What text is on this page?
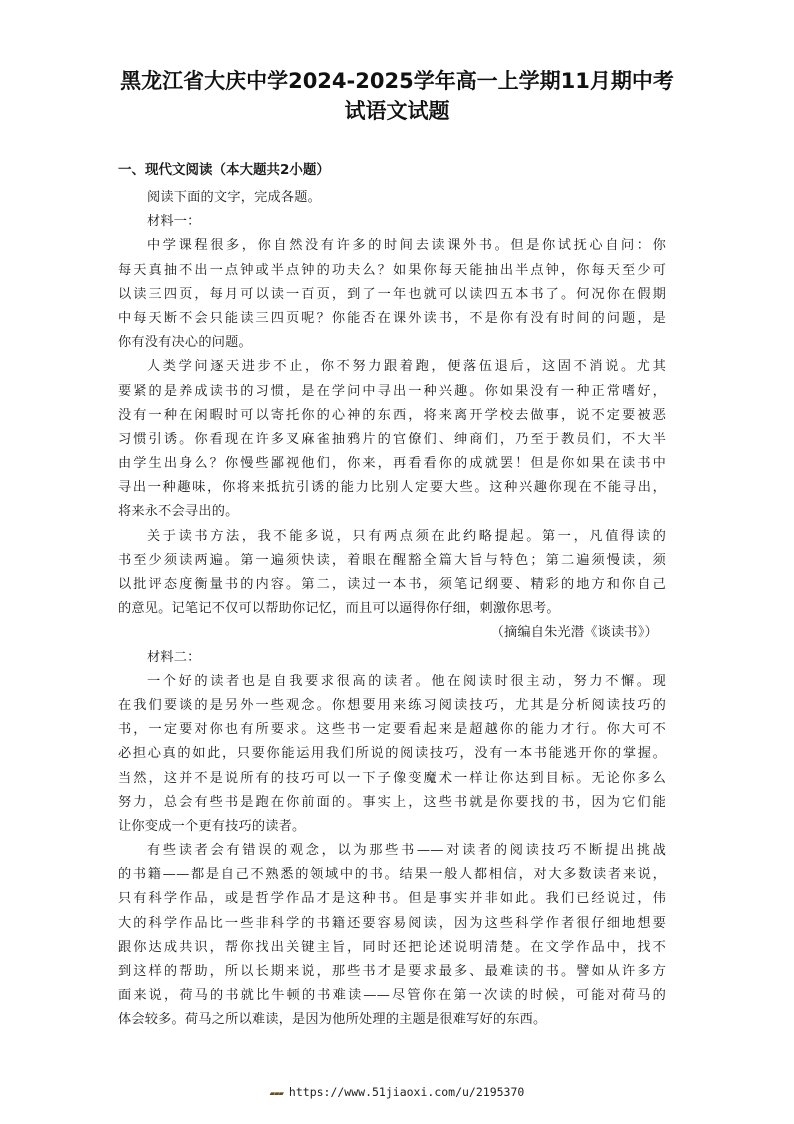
黑龙江省大庆中学2024-2025学年高一上学期11月期中考
试语文试题
一、现代文阅读（本大题共2小题）
阅读下面的文字，完成各题。
材料一：
中学课程很多，你自然没有许多的时间去读课外书。但是你试抚心自问：你
每天真抽不出一点钟或半点钟的功夫么？如果你每天能抽出半点钟，你每天至少可
以读三四页，每月可以读一百页，到了一年也就可以读四五本书了。何况你在假期
中每天断不会只能读三四页呢？你能否在课外读书，不是你有没有时间的问题，是
你有没有决心的问题。
人类学问逐天进步不止，你不努力跟着跑，便落伍退后，这固不消说。尤其
要紧的是养成读书的习惯，是在学问中寻出一种兴趣。你如果没有一种正常嗜好，
没有一种在闲暇时可以寄托你的心神的东西，将来离开学校去做事，说不定要被恶
习惯引诱。你看现在许多叉麻雀抽鸦片的官僚们、绅商们，乃至于教员们，不大半
由学生出身么？你慢些鄙视他们，你来，再看看你的成就罢！但是你如果在读书中
寻出一种趣味，你将来抵抗引诱的能力比别人定要大些。这种兴趣你现在不能寻出，
将来永不会寻出的。
关于读书方法，我不能多说，只有两点须在此约略提起。第一，凡值得读的
书至少须读两遍。第一遍须快读，着眼在醒豁全篇大旨与特色；第二遍须慢读，须
以批评态度衡量书的内容。第二，读过一本书，须笔记纲要、精彩的地方和你自己
的意见。记笔记不仅可以帮助你记忆，而且可以逼得你仔细，刺激你思考。
（摘编自朱光潜《谈读书》）
材料二：
一个好的读者也是自我要求很高的读者。他在阅读时很主动，努力不懈。现
在我们要谈的是另外一些观念。你想要用来练习阅读技巧，尤其是分析阅读技巧的
书，一定要对你也有所要求。这些书一定要看起来是超越你的能力才行。你大可不
必担心真的如此，只要你能运用我们所说的阅读技巧，没有一本书能逃开你的掌握。
当然，这并不是说所有的技巧可以一下子像变魔术一样让你达到目标。无论你多么
努力，总会有些书是跑在你前面的。事实上，这些书就是你要找的书，因为它们能
让你变成一个更有技巧的读者。
有些读者会有错误的观念，以为那些书——对读者的阅读技巧不断提出挑战
的书籍——都是自己不熟悉的领域中的书。结果一般人都相信，对大多数读者来说，
只有科学作品，或是哲学作品才是这种书。但是事实并非如此。我们已经说过，伟
大的科学作品比一些非科学的书籍还要容易阅读，因为这些科学作者很仔细地想要
跟你达成共识，帮你找出关键主旨，同时还把论述说明清楚。在文学作品中，找不
到这样的帮助，所以长期来说，那些书才是要求最多、最难读的书。譬如从许多方
面来说，荷马的书就比牛顿的书难读——尽管你在第一次读的时候，可能对荷马的
体会较多。荷马之所以难读，是因为他所处理的主题是很难写好的东西。
▰▰▰ https://www.51jiaoxi.com/u/2195370
